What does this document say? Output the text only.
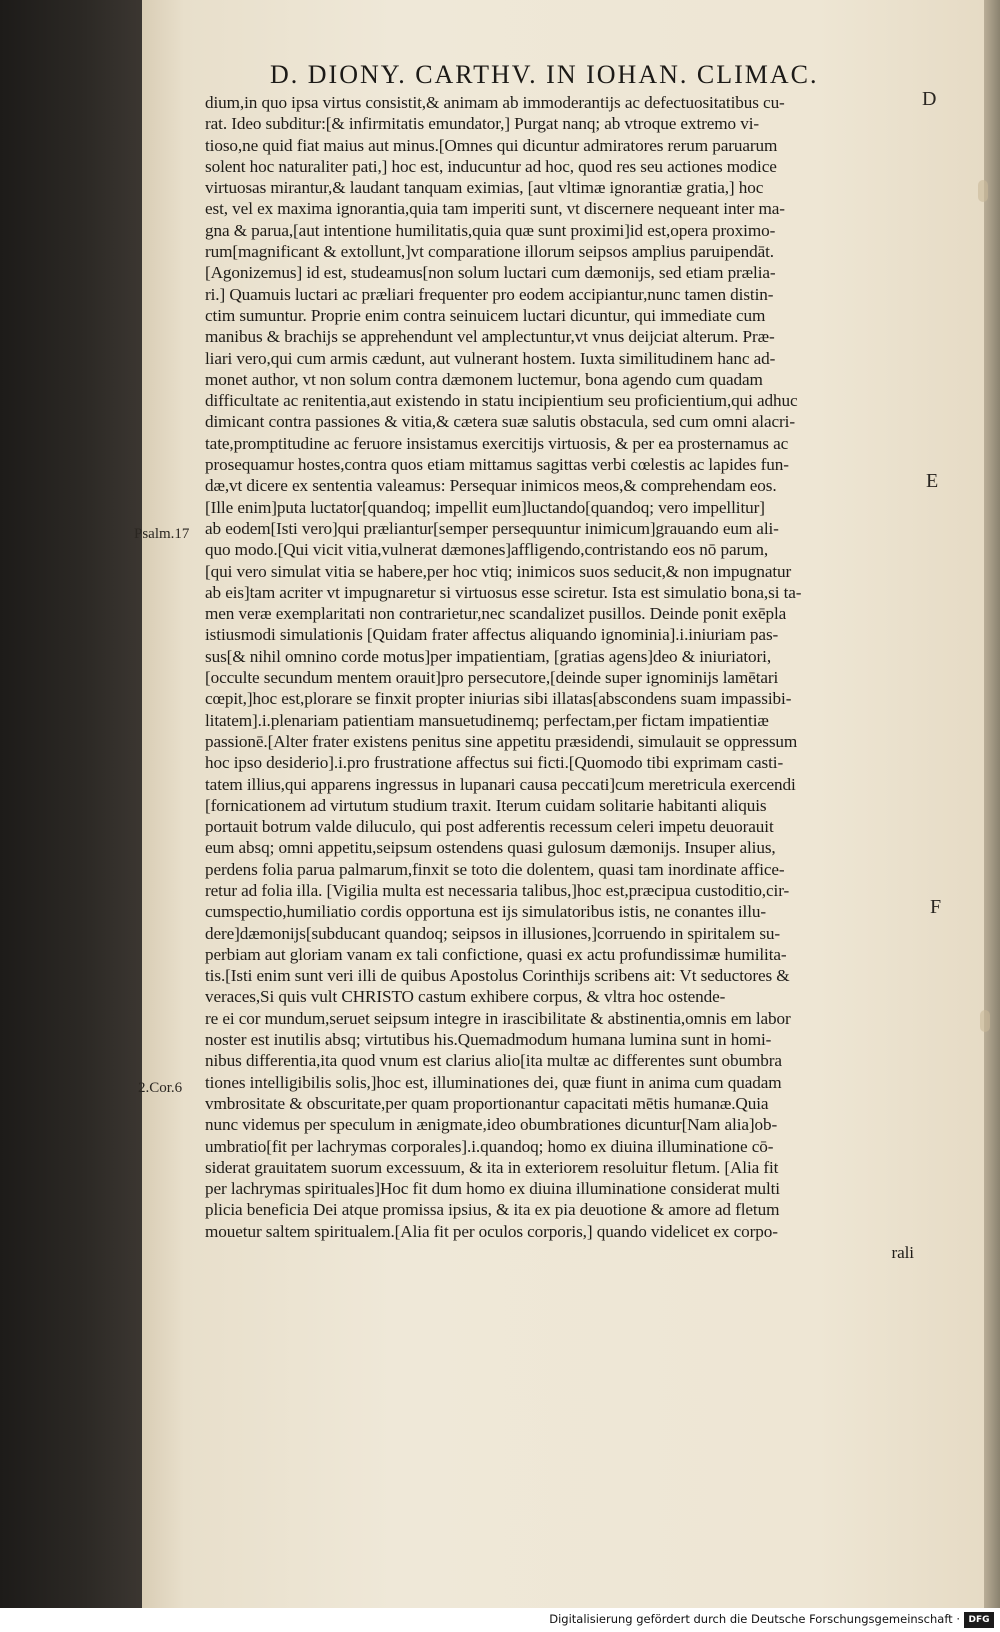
D. DIONY. CARTHV. IN IOHAN. CLIMAC.
dium,in quo ipsa virtus consistit,& animam ab immoderantijs ac defectuositatibus cu-
rat. Ideo subditur:[& infirmitatis emundator,] Purgat nanq; ab vtroque extremo vi-
tioso,ne quid fiat maius aut minus.[Omnes qui dicuntur admiratores rerum paruarum
solent hoc naturaliter pati,] hoc est, inducuntur ad hoc, quod res seu actiones modice
virtuosas mirantur,& laudant tanquam eximias, [aut vltimæ ignorantiæ gratia,] hoc
est, vel ex maxima ignorantia,quia tam imperiti sunt, vt discernere nequeant inter ma-
gna & parua,[aut intentione humilitatis,quia quæ sunt proximi]id est,opera proximo-
rum[magnificant & extollunt,]vt comparatione illorum seipsos amplius paruipendāt.
[Agonizemus] id est, studeamus[non solum luctari cum dæmonijs, sed etiam prælia-
ri.] Quamuis luctari ac præliari frequenter pro eodem accipiantur,nunc tamen distin-
ctim sumuntur. Proprie enim contra seinuicem luctari dicuntur, qui immediate cum
manibus & brachijs se apprehendunt vel amplectuntur,vt vnus deijciat alterum. Præ-
liari vero,qui cum armis cædunt, aut vulnerant hostem. Iuxta similitudinem hanc ad-
monet author, vt non solum contra dæmonem luctemur, bona agendo cum quadam
difficultate ac renitentia,aut existendo in statu incipientium seu proficientium,qui adhuc
dimicant contra passiones & vitia,& cætera suæ salutis obstacula, sed cum omni alacri-
tate,promptitudine ac feruore insistamus exercitijs virtuosis, & per ea prosternamus ac
prosequamur hostes,contra quos etiam mittamus sagittas verbi cœlestis ac lapides fun-
dæ,vt dicere ex sententia valeamus: Persequar inimicos meos,& comprehendam eos.
[Ille enim]puta luctator[quandoq; impellit eum]luctando[quandoq; vero impellitur]
ab eodem[Isti vero]qui præliantur[semper persequuntur inimicum]grauando eum ali-
quo modo.[Qui vicit vitia,vulnerat dæmones]affligendo,contristando eos nō parum,
[qui vero simulat vitia se habere,per hoc vtiq; inimicos suos seducit,& non impugnatur
ab eis]tam acriter vt impugnaretur si virtuosus esse sciretur. Ista est simulatio bona,si ta-
men veræ exemplaritati non contrarietur,nec scandalizet pusillos. Deinde ponit exēpla
istiusmodi simulationis [Quidam frater affectus aliquando ignominia].i.iniuriam pas-
sus[& nihil omnino corde motus]per impatientiam, [gratias agens]deo & iniuriatori,
[occulte secundum mentem orauit]pro persecutore,[deinde super ignominijs lamētari
cœpit,]hoc est,plorare se finxit propter iniurias sibi illatas[abscondens suam impassibi-
litatem].i.plenariam patientiam mansuetudinemq; perfectam,per fictam impatientiæ
passionē.[Alter frater existens penitus sine appetitu præsidendi, simulauit se oppressum
hoc ipso desiderio].i.pro frustratione affectus sui ficti.[Quomodo tibi exprimam casti-
tatem illius,qui apparens ingressus in lupanari causa peccati]cum meretricula exercendi
[fornicationem ad virtutum studium traxit. Iterum cuidam solitarie habitanti aliquis
portauit botrum valde diluculo, qui post adferentis recessum celeri impetu deuorauit
eum absq; omni appetitu,seipsum ostendens quasi gulosum dæmonijs. Insuper alius,
perdens folia parua palmarum,finxit se toto die dolentem, quasi tam inordinate affice-
retur ad folia illa. [Vigilia multa est necessaria talibus,]hoc est,præcipua custoditio,cir-
cumspectio,humiliatio cordis opportuna est ijs simulatoribus istis, ne conantes illu-
dere]dæmonijs[subducant quandoq; seipsos in illusiones,]corruendo in spiritalem su-
perbiam aut gloriam vanam ex tali confictione, quasi ex actu profundissimæ humilita-
tis.[Isti enim sunt veri illi de quibus Apostolus Corinthijs scribens ait: Vt seductores &
veraces,Si quis vult CHRISTO castum exhibere corpus, & vltra hoc ostende-
re ei cor mundum,seruet seipsum integre in irascibilitate & abstinentia,omnis em labor
noster est inutilis absq; virtutibus his.Quemadmodum humana lumina sunt in homi-
nibus differentia,ita quod vnum est clarius alio[ita multæ ac differentes sunt obumbra
tiones intelligibilis solis,]hoc est, illuminationes dei, quæ fiunt in anima cum quadam
vmbrositate & obscuritate,per quam proportionantur capacitati mētis humanæ.Quia
nunc videmus per speculum in ænigmate,ideo obumbrationes dicuntur[Nam alia]ob-
umbratio[fit per lachrymas corporales].i.quandoq; homo ex diuina illuminatione cō-
siderat grauitatem suorum excessuum, & ita in exteriorem resoluitur fletum. [Alia fit
per lachrymas spirituales]Hoc fit dum homo ex diuina illuminatione considerat multi
plicia beneficia Dei atque promissa ipsius, & ita ex pia deuotione & amore ad fletum
mouetur saltem spiritualem.[Alia fit per oculos corporis,] quando videlicet ex corpo-
rali
D
E
F
Psalm.17
2.Cor.6
Digitalisierung gefördert durch die Deutsche Forschungsgemeinschaft · DFG
